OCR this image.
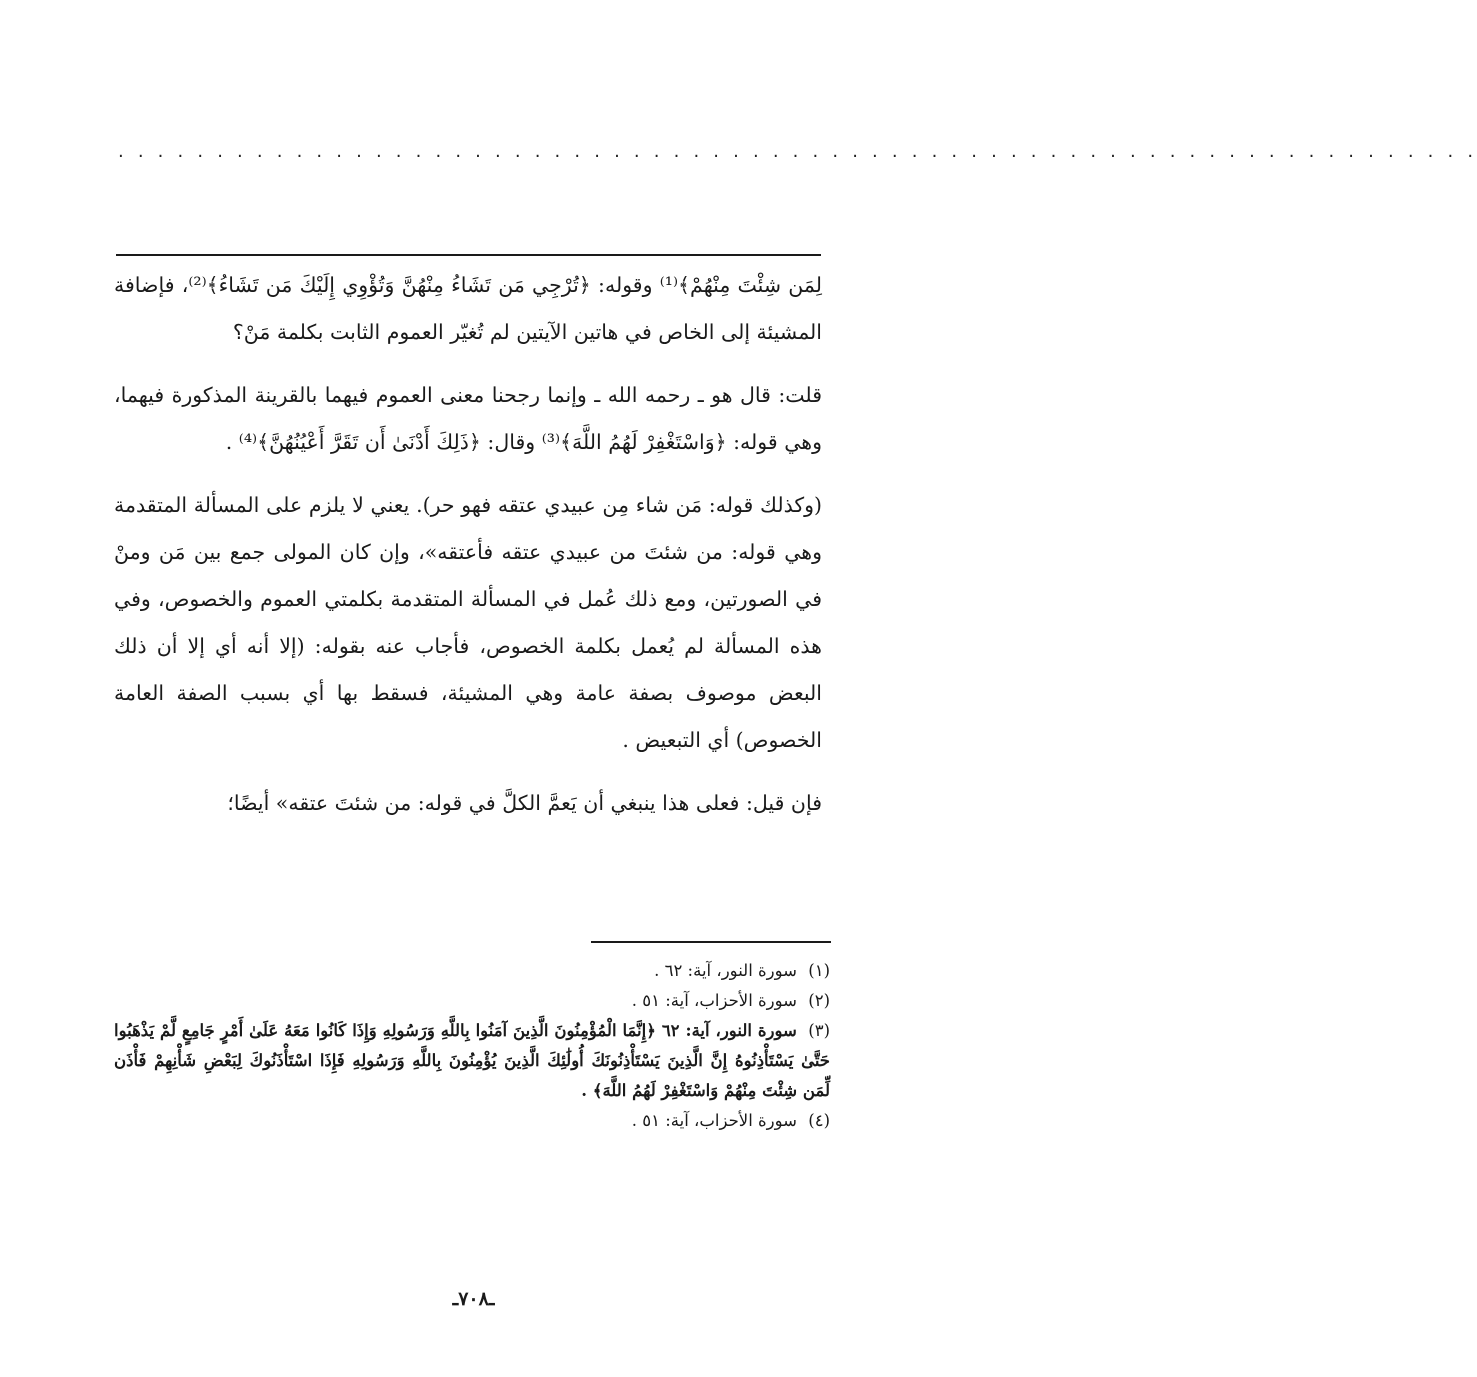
. . . . . . . . . . . . . . . . . . . . . . . . . . . . . . . . . . . . . . . . . . . . . . . . . . . . . . . . . . . . . . . . . . . . .

لِمَن شِئْتَ مِنْهُمْ﴾⁽¹⁾ وقوله: ﴿تُرْجِي مَن تَشَاءُ مِنْهُنَّ وَتُؤْوِي إِلَيْكَ مَن تَشَاءُ﴾⁽²⁾، فإضافة المشيئة إلى الخاص في هاتين الآيتين لم تُغيّر العموم الثابت بكلمة مَنْ؟

قلت: قال هو ـ رحمه الله ـ وإنما رجحنا معنى العموم فيهما بالقرينة المذكورة فيهما، وهي قوله: ﴿وَاسْتَغْفِرْ لَهُمُ اللَّهَ﴾⁽³⁾ وقال: ﴿ذَلِكَ أَدْنَىٰ أَن تَقَرَّ أَعْيُنُهُنَّ﴾⁽⁴⁾ .

(وكذلك قوله: مَن شاء مِن عبيدي عتقه فهو حر). يعني لا يلزم على المسألة المتقدمة وهي قوله: من شئتَ من عبيدي عتقه فأعتقه»، وإن كان المولى جمع بين مَن ومنْ في الصورتين، ومع ذلك عُمل في المسألة المتقدمة بكلمتي العموم والخصوص، وفي هذه المسألة لم يُعمل بكلمة الخصوص، فأجاب عنه بقوله: (إلا أنه أي إلا أن ذلك البعض موصوف بصفة عامة وهي المشيئة، فسقط بها أي بسبب الصفة العامة الخصوص) أي التبعيض .

فإن قيل: فعلى هذا ينبغي أن يَعمَّ الكلَّ في قوله: من شئتَ عتقه» أيضًا؛

(١) سورة النور، آية: ٦٢ .

(٢) سورة الأحزاب، آية: ٥١ .

(٣) سورة النور، آية: ٦٢ ﴿إِنَّمَا الْمُؤْمِنُونَ الَّذِينَ آمَنُوا بِاللَّهِ وَرَسُولِهِ وَإِذَا كَانُوا مَعَهُ عَلَىٰ أَمْرٍ جَامِعٍ لَّمْ يَذْهَبُوا حَتَّىٰ يَسْتَأْذِنُوهُ إِنَّ الَّذِينَ يَسْتَأْذِنُونَكَ أُولَٰئِكَ الَّذِينَ يُؤْمِنُونَ بِاللَّهِ وَرَسُولِهِ فَإِذَا اسْتَأْذَنُوكَ لِبَعْضِ شَأْنِهِمْ فَأْذَن لِّمَن شِئْتَ مِنْهُمْ وَاسْتَغْفِرْ لَهُمُ اللَّهَ﴾ .

(٤) سورة الأحزاب، آية: ٥١ .

ـ٧٠٨ـ
